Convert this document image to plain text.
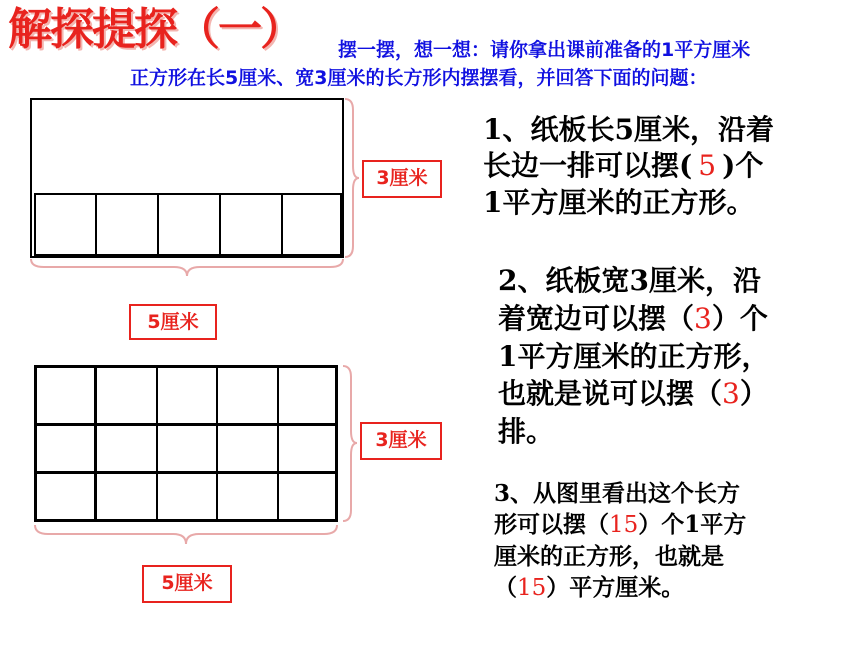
解探提探（一） 摆一摆，想一想：请你拿出课前准备的1平方厘米
正方形在长5厘米、宽3厘米的长方形内摆摆看，并回答下面的问题：
3厘米
5厘米
3厘米
5厘米
1、纸板长5厘米，沿着
长边一排可以摆( 5 )个
1平方厘米的正方形。
2、纸板宽3厘米，沿
着宽边可以摆（3）个
1平方厘米的正方形，
也就是说可以摆（3）
排。
3、从图里看出这个长方
形可以摆（15）个1平方
厘米的正方形，也就是
（15）平方厘米。
